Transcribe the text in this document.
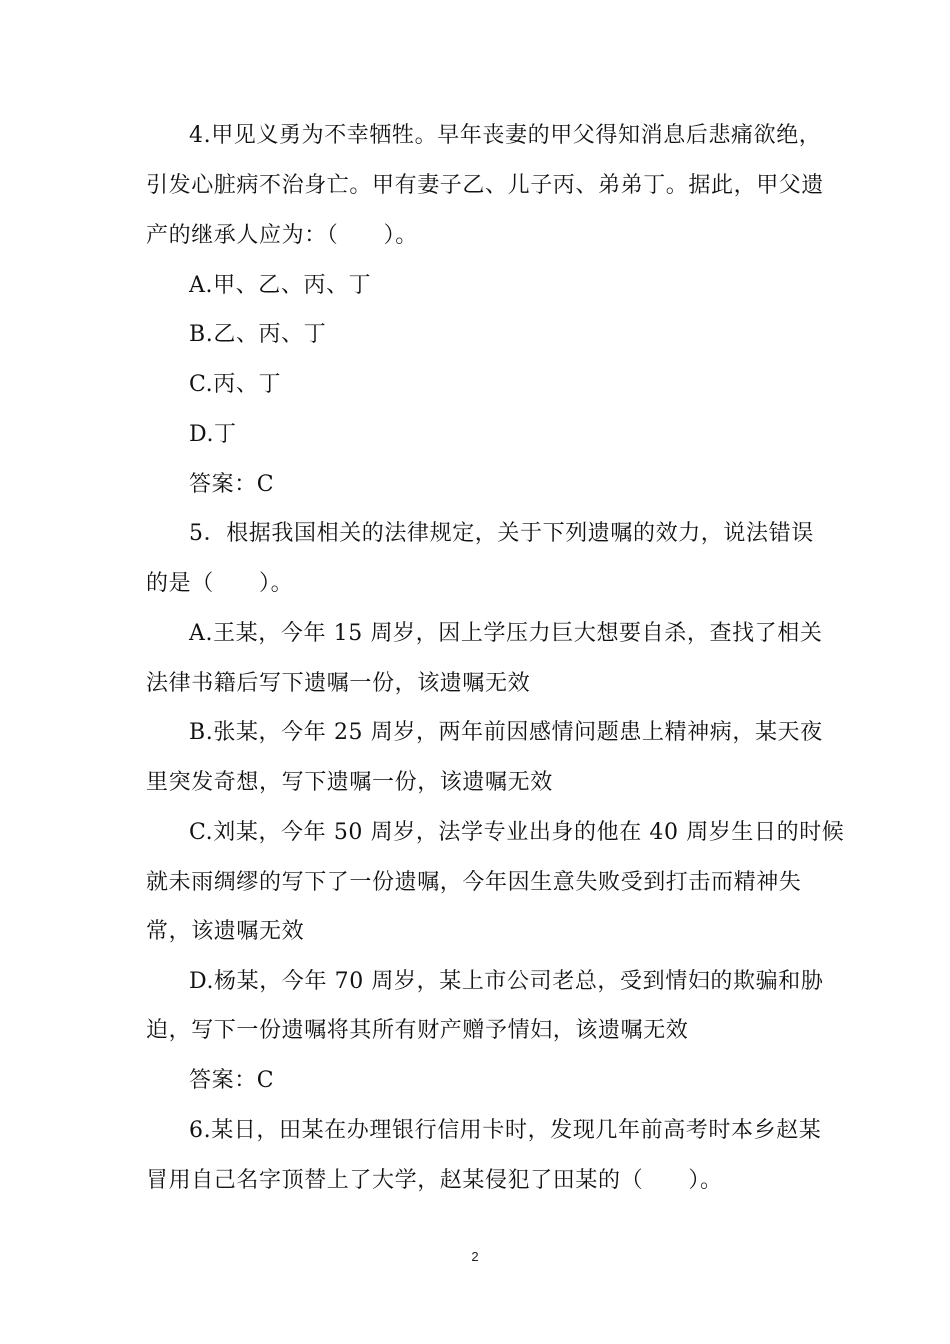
4.甲见义勇为不幸牺牲。早年丧妻的甲父得知消息后悲痛欲绝，
引发心脏病不治身亡。甲有妻子乙、儿子丙、弟弟丁。据此，甲父遗
产的继承人应为：（　　）。
A.甲、乙、丙、丁
B.乙、丙、丁
C.丙、丁
D.丁
答案：C
5．根据我国相关的法律规定，关于下列遗嘱的效力，说法错误
的是（　　）。
A.王某，今年 15 周岁，因上学压力巨大想要自杀，查找了相关
法律书籍后写下遗嘱一份，该遗嘱无效
B.张某，今年 25 周岁，两年前因感情问题患上精神病，某天夜
里突发奇想，写下遗嘱一份，该遗嘱无效
C.刘某，今年 50 周岁，法学专业出身的他在 40 周岁生日的时候
就未雨绸缪的写下了一份遗嘱，今年因生意失败受到打击而精神失
常，该遗嘱无效
D.杨某，今年 70 周岁，某上市公司老总，受到情妇的欺骗和胁
迫，写下一份遗嘱将其所有财产赠予情妇，该遗嘱无效
答案：C
6.某日，田某在办理银行信用卡时，发现几年前高考时本乡赵某
冒用自己名字顶替上了大学，赵某侵犯了田某的（　　）。
2
